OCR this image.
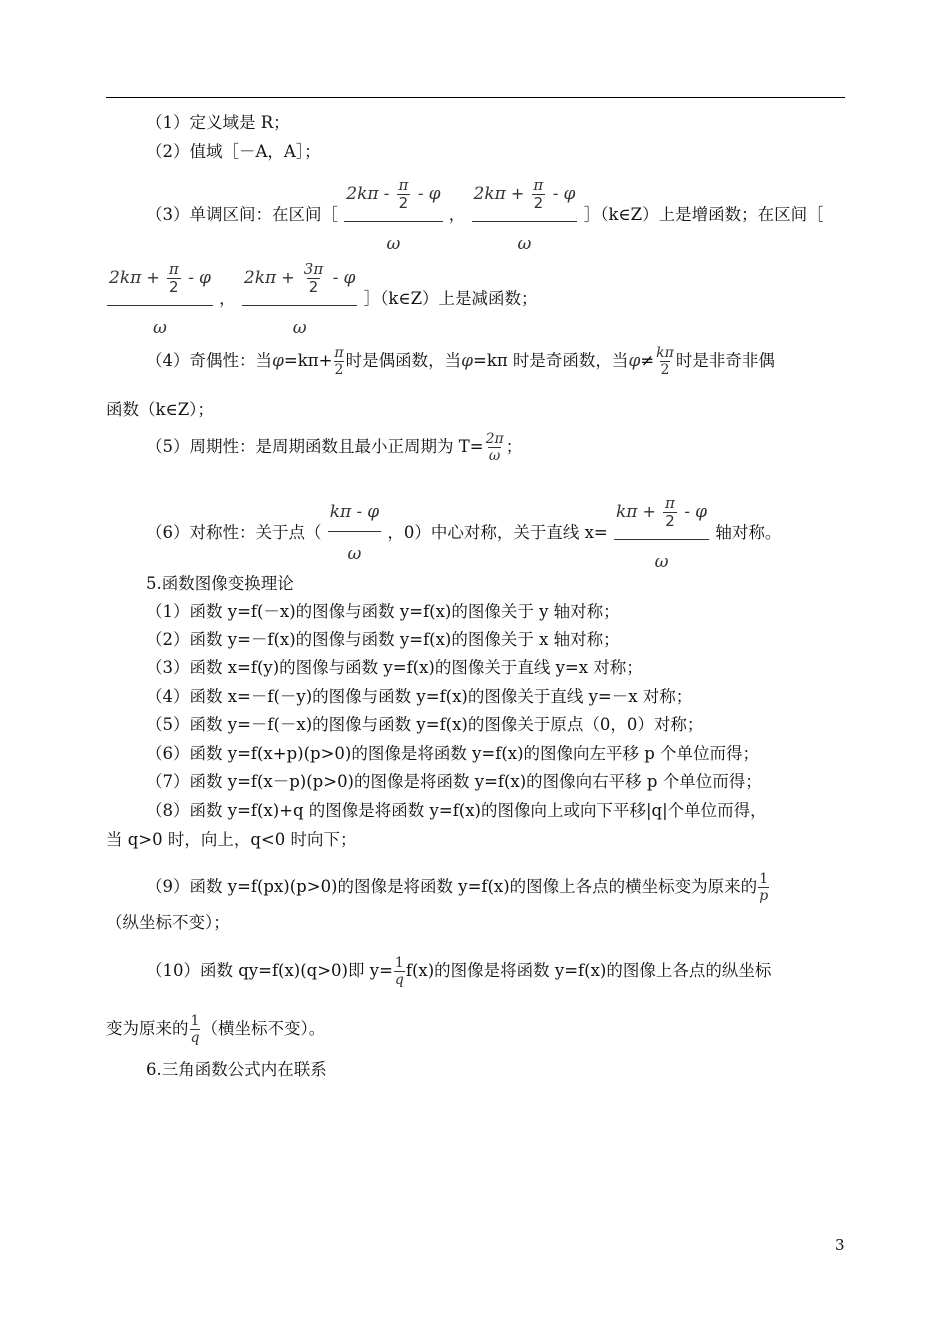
（1）定义域是 R；
（2）值域［－A，A］；
（3）单调区间：在区间［ $\frac{2k\pi - \frac{\pi}{2} - \varphi}{\omega}$ ， $\frac{2k\pi + \frac{\pi}{2} - \varphi}{\omega}$ ］（k∈Z）上是增函数；在区间［
$\frac{2k\pi + \frac{\pi}{2} - \varphi}{\omega}$ ， $\frac{2k\pi + \frac{3\pi}{2} - \varphi}{\omega}$ ］（k∈Z）上是减函数；
（4）奇偶性：当$\varphi=k\pi+ \frac{\pi}{2}$ 时是偶函数，当φ=kπ 时是奇函数，当$\varphi\ne \frac{k\pi}{2}$ 时是非奇非偶
函数（k∈Z）；
（5）周期性：是周期函数且最小正周期为 $T= \frac{2\pi}{\omega}$ ；
（6）对称性：关于点（ $\frac{k\pi - \varphi}{\omega}$ ，0）中心对称，关于直线 $x= \frac{k\pi + \frac{\pi}{2} - \varphi}{\omega}$ 轴对称。
5.函数图像变换理论
（1）函数 y=f(－x)的图像与函数 y=f(x)的图像关于 y 轴对称；
（2）函数 y=－f(x)的图像与函数 y=f(x)的图像关于 x 轴对称；
（3）函数 x=f(y)的图像与函数 y=f(x)的图像关于直线 y=x 对称；
（4）函数 x=－f(－y)的图像与函数 y=f(x)的图像关于直线 y=－x 对称；
（5）函数 y=－f(－x)的图像与函数 y=f(x)的图像关于原点（0，0）对称；
（6）函数 y=f(x+p)(p>0)的图像是将函数 y=f(x)的图像向左平移 p 个单位而得；
（7）函数 y=f(x－p)(p>0)的图像是将函数 y=f(x)的图像向右平移 p 个单位而得；
（8）函数 y=f(x)+q 的图像是将函数 y=f(x)的图像向上或向下平移|q|个单位而得，
当 q>0 时，向上，q<0 时向下；
（9）函数 y=f(px)(p>0)的图像是将函数 y=f(x)的图像上各点的横坐标变为原来的 $\frac{1}{p}$
（纵坐标不变）；
（10）函数 qy=f(x)(q>0)即 $y= \frac{1}{q} f(x)$的图像是将函数 y=f(x)的图像上各点的纵坐标
变为原来的 $\frac{1}{q}$ （横坐标不变）。
6.三角函数公式内在联系
3
